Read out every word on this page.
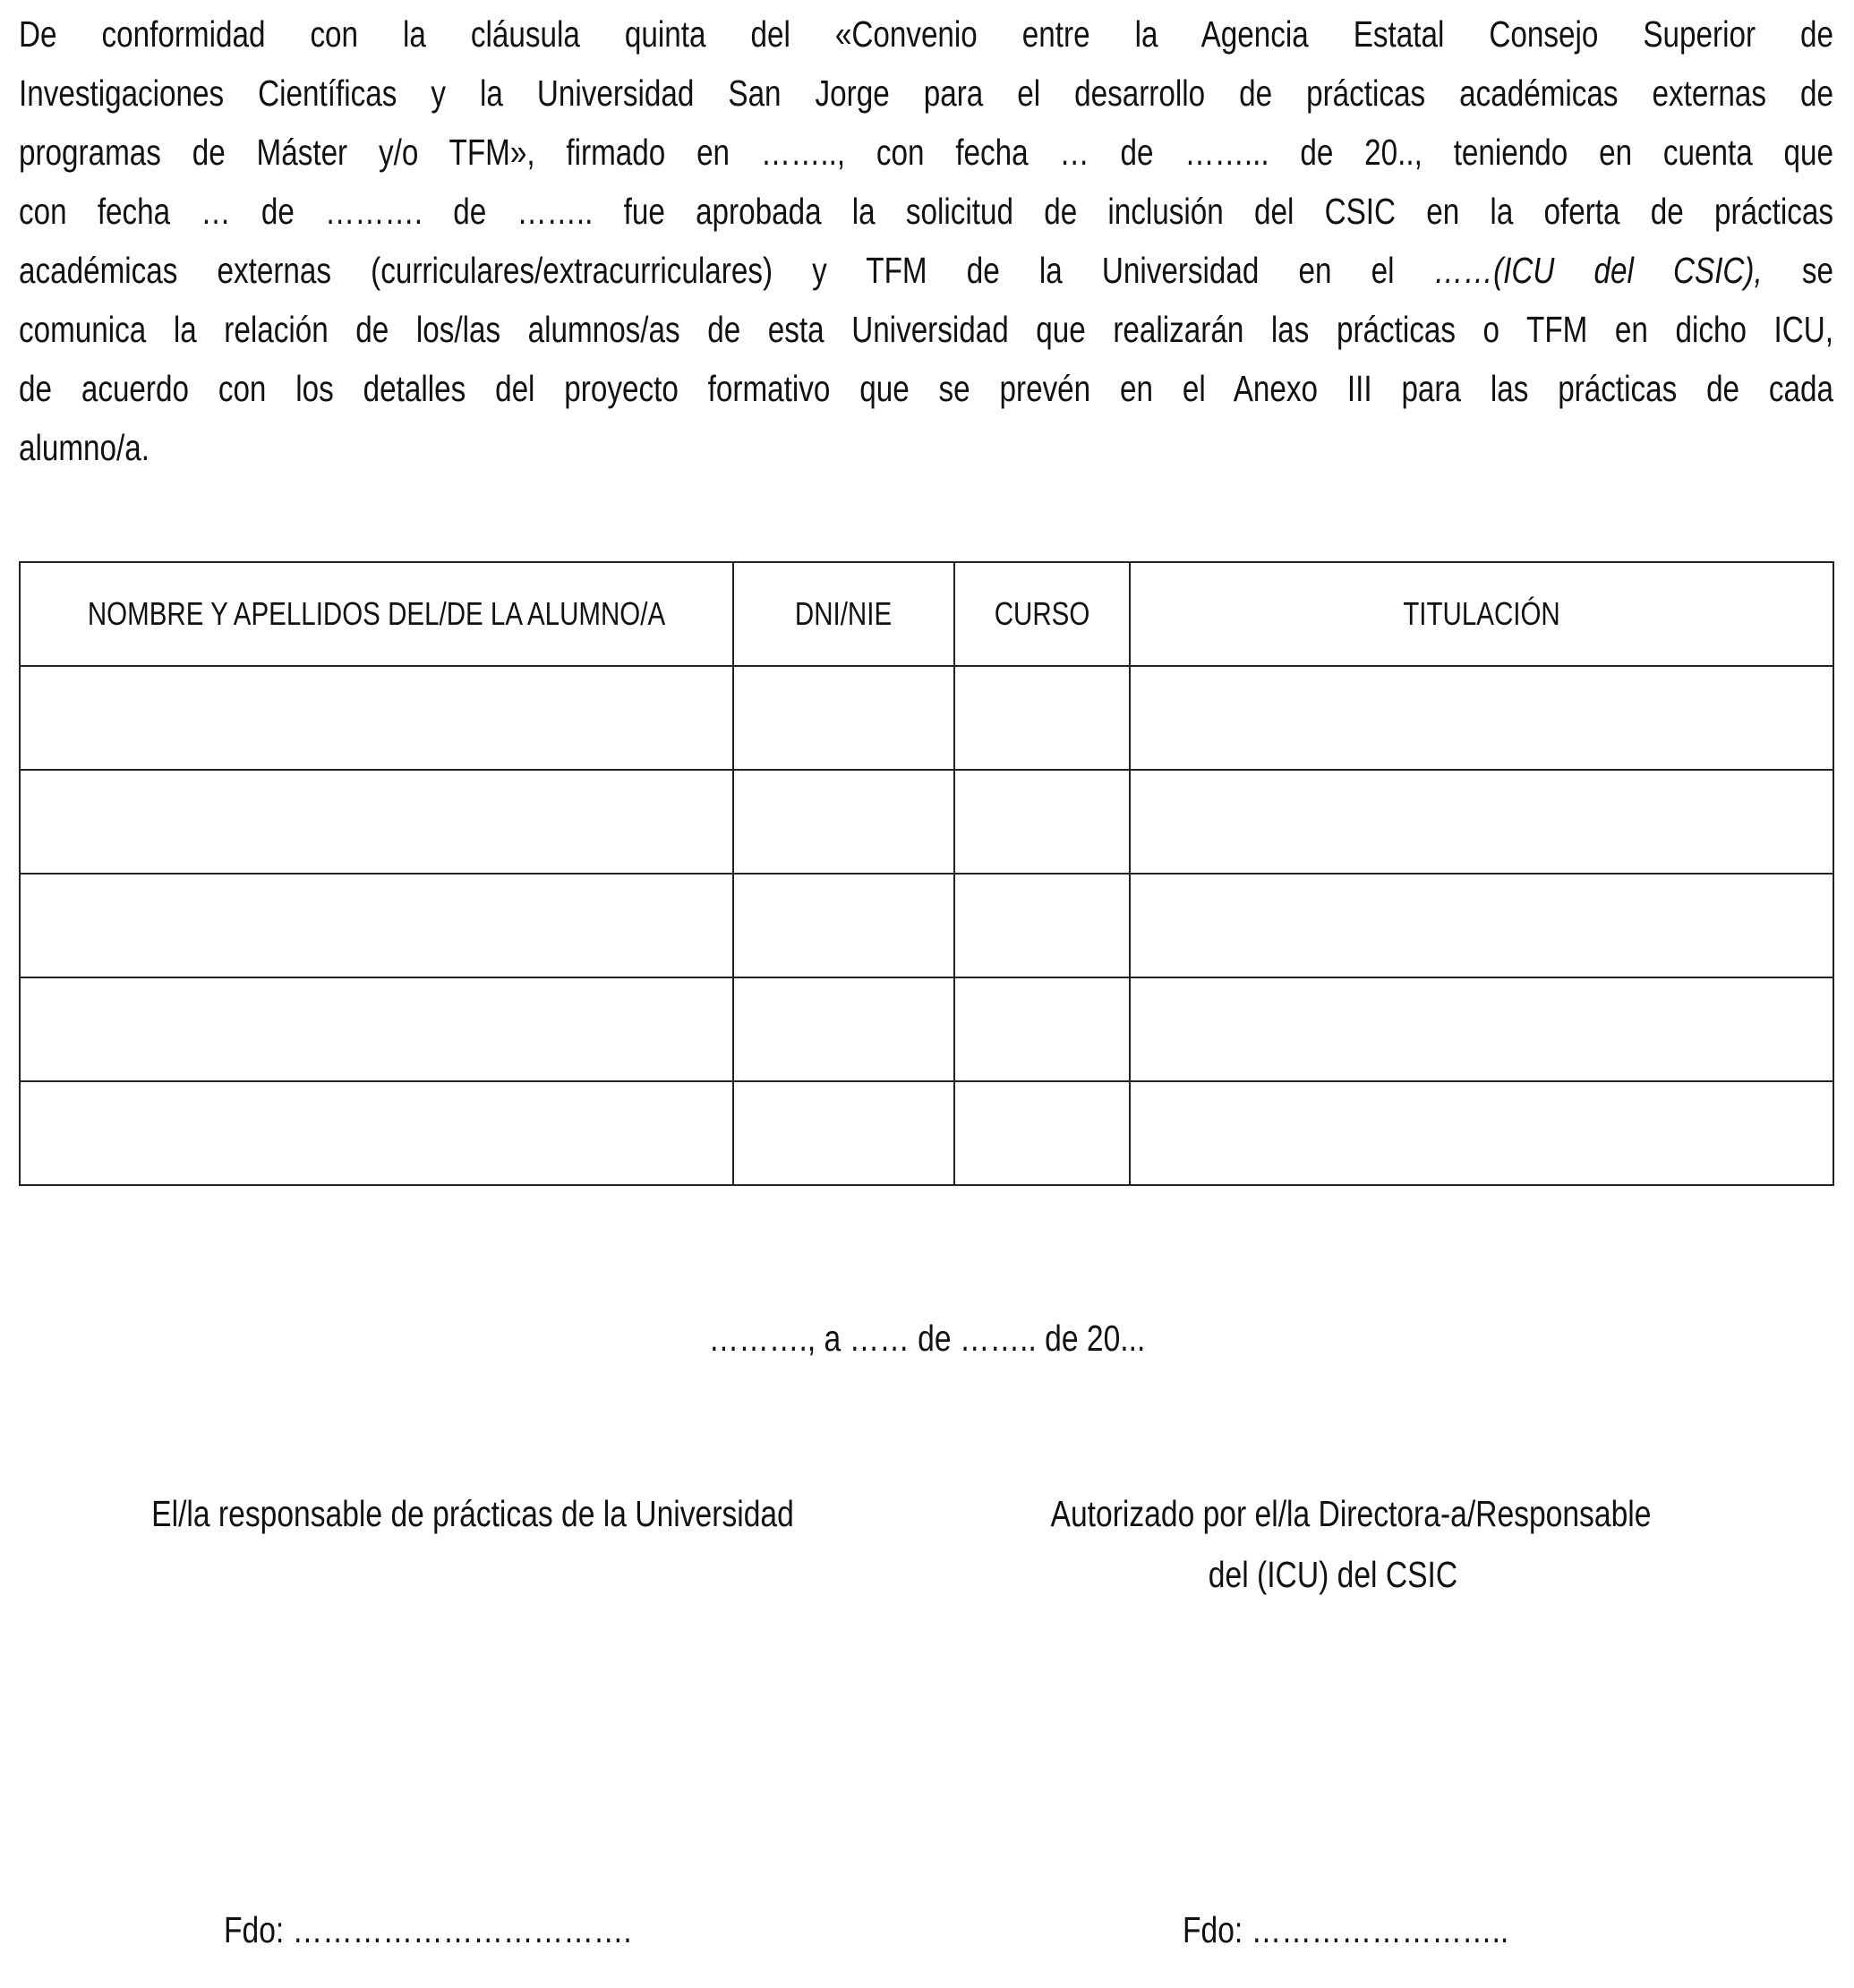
De conformidad con la cláusula quinta del «Convenio entre la Agencia Estatal Consejo Superior de
Investigaciones Científicas y la Universidad San Jorge para el desarrollo de prácticas académicas externas de
programas de Máster y/o TFM», firmado en …….., con fecha … de ……... de 20.., teniendo en cuenta que
con fecha … de ………. de …….. fue aprobada la solicitud de inclusión del CSIC en la oferta de prácticas
académicas externas (curriculares/extracurriculares) y TFM de la Universidad en el ……(ICU del CSIC), se
comunica la relación de los/las alumnos/as de esta Universidad que realizarán las prácticas o TFM en dicho ICU,
de acuerdo con los detalles del proyecto formativo que se prevén en el Anexo III para las prácticas de cada
alumno/a.
NOMBRE Y APELLIDOS DEL/DE LA ALUMNO/A	DNI/NIE	CURSO	TITULACIÓN

………., a …… de …….. de 20...
El/la responsable de prácticas de la Universidad	Autorizado por el/la Directora-a/Responsable
del (ICU) del CSIC
Fdo: …………………………….	Fdo: ……………………..
